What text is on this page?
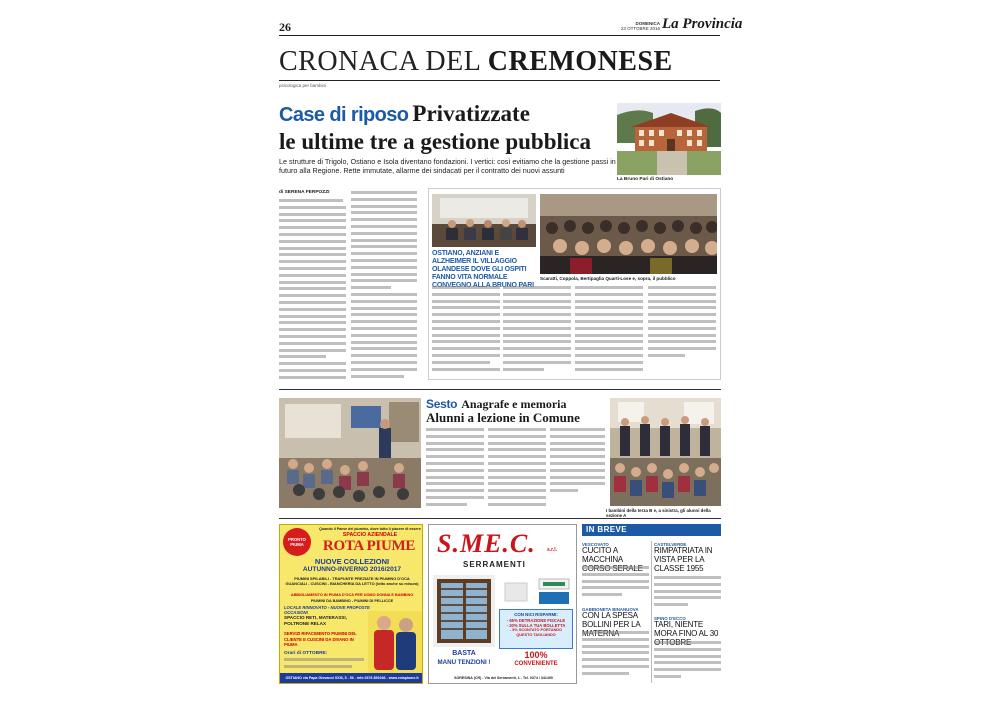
26	DOMENICA
23 OTTOBRE 2016 La Provincia
CRONACA DEL CREMONESE
psicologica per bambini
Case di riposo Privatizzate
le ultime tre a gestione pubblica
Le strutture di Trigolo, Ostiano e Isola diventano fondazioni. I vertici: così evitiamo che la gestione passi in futuro alla Regione. Rette immutate, allarme dei sindacati per il contratto dei nuovi assunti
La Bruno Pari di Ostiano
di SERENA FERPOZZI
OSTIANO, ANZIANI E ALZHEIMER IL VILLAGGIO OLANDESE DOVE GLI OSPITI FANNO VITA NORMALE	Scaratti, Coppola, Bertipaglia Quarti-Lose e, sopra, il pubblico
Sesto Anagrafe e memoria
Alunni a lezione in Comune
I bambini della terza B e, a sinistra, gli alunni della sezione A
Quando il Paese del piumino, dove tutto il piacere di essere
SPACCIO AZIENDALE
PRONTO PIUMA	ROTA PIUME
NUOVE COLLEZIONI
AUTUNNO-INVERNO 2016/2017
PIUMINI SPILABILI - TRAPUNTE PREZIATE IN PIUMINO D'OCA GUANCIALI - CUSCINI - BIANCHERIA DA LETTO (lotto anche su misura)
ABBIGLIAMENTO IN PIUMA D'OCA PER UOMO DONNA E BAMBINO
PIUMINI DA BAMBINO - PIUMINI DI PELLICCE
LOCALE RINNOVATO - NUOVE PROPOSTE OCCASIONI
SPACCIO RETI, MATERASSI, POLTRONE RELAX
SERVIZI RIFACIMENTO PIUMINI DEL CLIENTE E CUSCINI DA DIVANO IN PIUMA
Orari di OTTOBRE:
OSTIANO via Papa Giovanni XXIII, 5 - 56 - info 0376 851046 - www.rotapiume.it
S.ME.C. s.r.l.
SERRAMENTI
CON NICI RISPARMI:
- 65% DETRAZIONE FISCALE
- 20% SULLA TUA BOLLETTA
- 5% SCONTATO PORTANDO QUESTO TAGLIANDO
100%
CONVENIENTE
BASTA
MANU TENZIONI !
SORESINA (CR) - Via dei Serramenti, 1 - Tel. 0374 / 341400
IN BREVE
VESCOVATO
CUCITO A MACCHINA
CASTELVERDE
RIMPATRIATA IN VISTA PER LA CLASSE 1955
GABBIONETA BINANUOVA
CON LA SPESA BOLLINI PER LA
SPINO D'ECCO
TARI, NIENTE MORA FINO AL 30
